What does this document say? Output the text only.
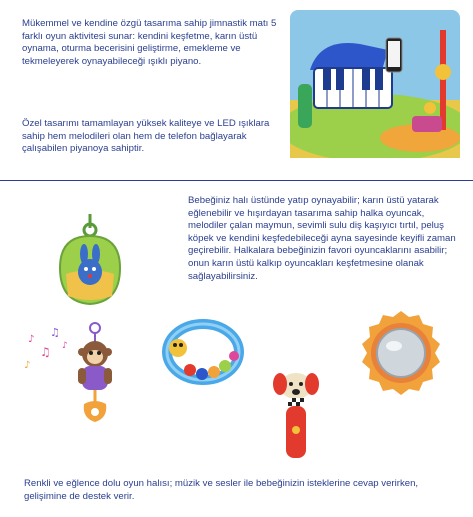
Mükemmel ve kendine özgü tasarıma sahip jimnastik matı 5 farklı oyun aktivitesi sunar: kendini keşfetme, karın üstü oynama, oturma becerisini geliştirme, emekleme ve tekmeleyerek oynayabileceği ışıklı piyano.

Özel tasarımı tamamlayan yüksek kaliteye ve LED ışıklara sahip hem melodileri olan hem de telefon bağlayarak çalışabilen piyanoya sahiptir.

Bebeğiniz halı üstünde yatıp oynayabilir; karın üstü yatarak eğlenebilir ve hışırdayan tasarıma sahip halka oyuncak, melodiler çalan maymun, sevimli sulu diş kaşıyıcı tırtıl, peluş köpek ve kendini keşfedebileceği ayna sayesinde keyifli zaman geçirebilir. Halkalara bebeğinizin favori oyuncaklarını asabilir; onun karın üstü kalkıp oyuncakları keşfetmesine olanak sağlayabilirsiniz.

♪
♫
♪
♫
♪

Renkli ve eğlence dolu oyun halısı; müzik ve sesler ile bebeğinizin isteklerine cevap verirken, gelişimine de destek verir.
